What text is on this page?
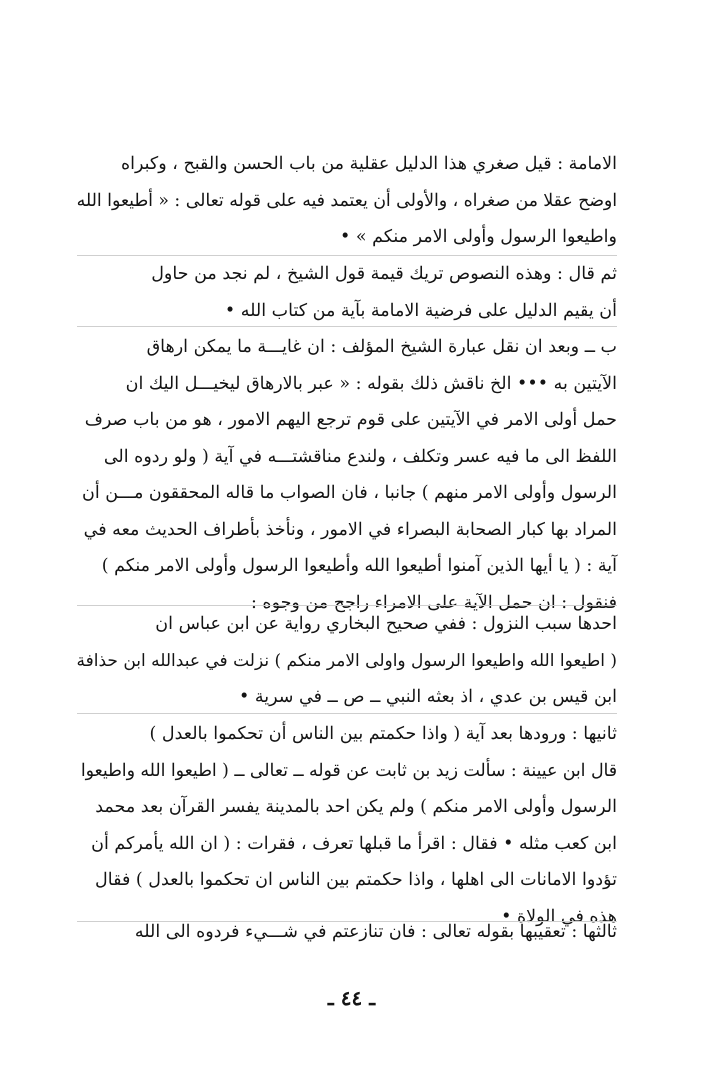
الامامة : قيل صغري هذا الدليل عقلية من باب الحسن والقبح ، وكبراه
اوضح عقلا من صغراه ، والأولى أن يعتمد فيه على قوله تعالى : « أطيعوا الله
واطيعوا الرسول وأولى الامر منكم » •

ثم قال : وهذه النصوص تريك قيمة قول الشيخ ، لم نجد من حاول
أن يقيم الدليل على فرضية الامامة بآية من كتاب الله •

ب ــ وبعد ان نقل عبارة الشيخ المؤلف : ان غايـــة ما يمكن ارهاق
الآيتين به ••• الخ ناقش ذلك بقوله : « عبر بالارهاق ليخيـــل اليك ان
حمل أولى الامر في الآيتين على قوم ترجع اليهم الامور ، هو من باب صرف
اللفظ الى ما فيه عسر وتكلف ، ولندع مناقشتـــه في آية ( ولو ردوه الى
الرسول وأولى الامر منهم ) جانبا ، فان الصواب ما قاله المحققون مـــن أن
المراد بها كبار الصحابة البصراء في الامور ، ونأخذ بأطراف الحديث معه في
آية : ( يا أيها الذين آمنوا أطيعوا الله وأطيعوا الرسول وأولى الامر منكم )
فنقول : ان حمل الآية على الامراء راجح من وجوه :

احدها سبب النزول : ففي صحيح البخاري رواية عن ابن عباس ان
( اطيعوا الله واطيعوا الرسول واولى الامر منكم ) نزلت في عبدالله ابن حذافة
ابن قيس بن عدي ، اذ بعثه النبي ــ ص ــ في سرية •

ثانيها : ورودها بعد آية ( واذا حكمتم بين الناس أن تحكموا بالعدل )
قال ابن عيينة : سألت زيد بن ثابت عن قوله ــ تعالى ــ ( اطيعوا الله واطيعوا
الرسول وأولى الامر منكم ) ولم يكن احد بالمدينة يفسر القرآن بعد محمد
ابن كعب مثله • فقال : اقرأ ما قبلها تعرف ، فقرات : ( ان الله يأمركم أن
تؤدوا الامانات الى اهلها ، واذا حكمتم بين الناس ان تحكموا بالعدل ) فقال
هذه في الولاة •

ثالثها : تعقيبها بقوله تعالى : فان تنازعتم في شـــيء فردوه الى الله

ـ ٤٤ ـ
